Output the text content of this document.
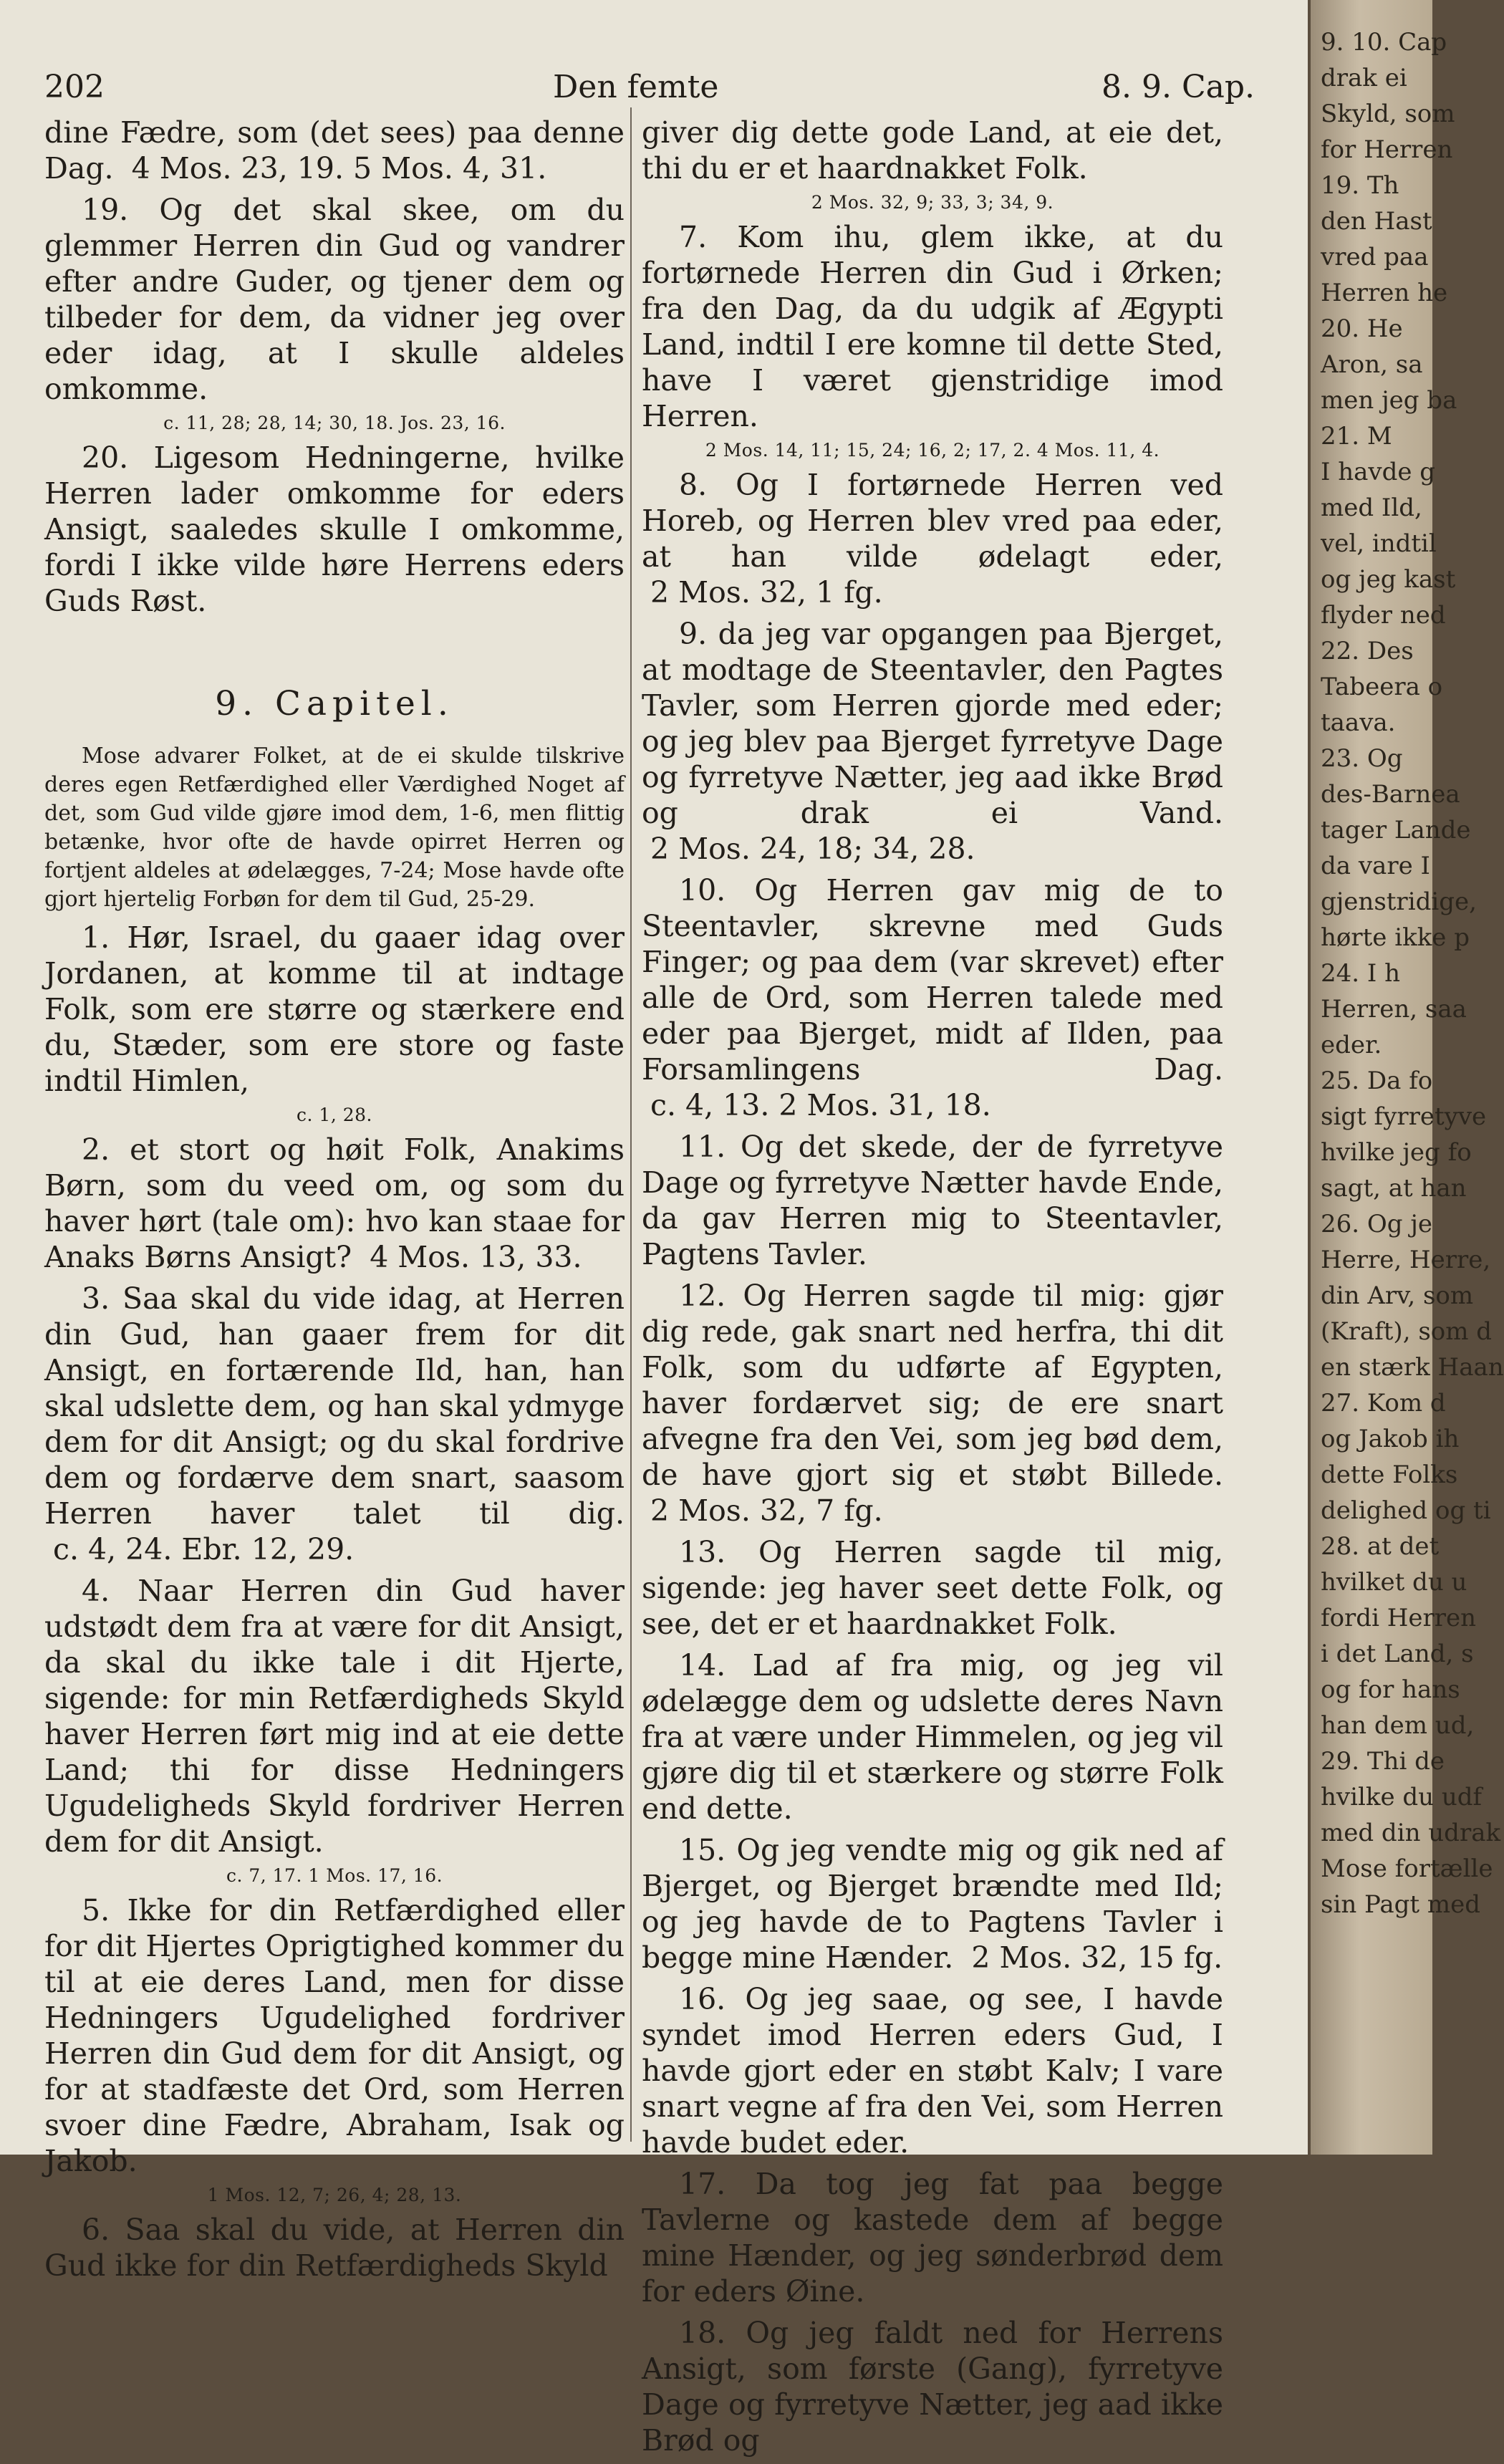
202	Den femte	8. 9. Cap.

dine Fædre, som (det sees) paa denne Dag. 4 Mos. 23, 19. 5 Mos. 4, 31.

19. Og det skal skee, om du glemmer Herren din Gud og vandrer efter andre Guder, og tjener dem og tilbeder for dem, da vidner jeg over eder idag, at I skulle aldeles omkomme.

c. 11, 28; 28, 14; 30, 18. Jos. 23, 16.

20. Ligesom Hedningerne, hvilke Herren lader omkomme for eders Ansigt, saaledes skulle I omkomme, fordi I ikke vilde høre Herrens eders Guds Røst.

9. Capitel.

Mose advarer Folket, at de ei skulde tilskrive deres egen Retfærdighed eller Værdighed Noget af det, som Gud vilde gjøre imod dem, 1-6, men flittig betænke, hvor ofte de havde opirret Herren og fortjent aldeles at ødelægges, 7-24; Mose havde ofte gjort hjertelig Forbøn for dem til Gud, 25-29.

1. Hør, Israel, du gaaer idag over Jordanen, at komme til at indtage Folk, som ere større og stærkere end du, Stæder, som ere store og faste indtil Himlen,

c. 1, 28.

2. et stort og høit Folk, Anakims Børn, som du veed om, og som du haver hørt (tale om): hvo kan staae for Anaks Børns Ansigt? 4 Mos. 13, 33.

3. Saa skal du vide idag, at Herren din Gud, han gaaer frem for dit Ansigt, en fortærende Ild, han, han skal udslette dem, og han skal ydmyge dem for dit Ansigt; og du skal fordrive dem og fordærve dem snart, saasom Herren haver talet til dig. c. 4, 24. Ebr. 12, 29.

4. Naar Herren din Gud haver udstødt dem fra at være for dit Ansigt, da skal du ikke tale i dit Hjerte, sigende: for min Retfærdigheds Skyld haver Herren ført mig ind at eie dette Land; thi for disse Hedningers Ugudeligheds Skyld fordriver Herren dem for dit Ansigt.

c. 7, 17. 1 Mos. 17, 16.

5. Ikke for din Retfærdighed eller for dit Hjertes Oprigtighed kommer du til at eie deres Land, men for disse Hedningers Ugudelighed fordriver Herren din Gud dem for dit Ansigt, og for at stadfæste det Ord, som Herren svoer dine Fædre, Abraham, Isak og Jakob.

1 Mos. 12, 7; 26, 4; 28, 13.

6. Saa skal du vide, at Herren din Gud ikke for din Retfærdigheds Skyld

giver dig dette gode Land, at eie det, thi du er et haardnakket Folk.

2 Mos. 32, 9; 33, 3; 34, 9.

7. Kom ihu, glem ikke, at du fortørnede Herren din Gud i Ørken; fra den Dag, da du udgik af Ægypti Land, indtil I ere komne til dette Sted, have I været gjenstridige imod Herren.

2 Mos. 14, 11; 15, 24; 16, 2; 17, 2. 4 Mos. 11, 4.

8. Og I fortørnede Herren ved Horeb, og Herren blev vred paa eder, at han vilde ødelagt eder, 2 Mos. 32, 1 fg.

9. da jeg var opgangen paa Bjerget, at modtage de Steentavler, den Pagtes Tavler, som Herren gjorde med eder; og jeg blev paa Bjerget fyrretyve Dage og fyrretyve Nætter, jeg aad ikke Brød og drak ei Vand. 2 Mos. 24, 18; 34, 28.

10. Og Herren gav mig de to Steentavler, skrevne med Guds Finger; og paa dem (var skrevet) efter alle de Ord, som Herren talede med eder paa Bjerget, midt af Ilden, paa Forsamlingens Dag. c. 4, 13. 2 Mos. 31, 18.

11. Og det skede, der de fyrretyve Dage og fyrretyve Nætter havde Ende, da gav Herren mig to Steentavler, Pagtens Tavler.

12. Og Herren sagde til mig: gjør dig rede, gak snart ned herfra, thi dit Folk, som du udførte af Egypten, haver fordærvet sig; de ere snart afvegne fra den Vei, som jeg bød dem, de have gjort sig et støbt Billede. 2 Mos. 32, 7 fg.

13. Og Herren sagde til mig, sigende: jeg haver seet dette Folk, og see, det er et haardnakket Folk.

14. Lad af fra mig, og jeg vil ødelægge dem og udslette deres Navn fra at være under Himmelen, og jeg vil gjøre dig til et stærkere og større Folk end dette.

15. Og jeg vendte mig og gik ned af Bjerget, og Bjerget brændte med Ild; og jeg havde de to Pagtens Tavler i begge mine Hænder. 2 Mos. 32, 15 fg.

16. Og jeg saae, og see, I havde syndet imod Herren eders Gud, I havde gjort eder en støbt Kalv; I vare snart vegne af fra den Vei, som Herren havde budet eder.

17. Da tog jeg fat paa begge Tavlerne og kastede dem af begge mine Hænder, og jeg sønderbrød dem for eders Øine.

18. Og jeg faldt ned for Herrens Ansigt, som første (Gang), fyrretyve Dage og fyrretyve Nætter, jeg aad ikke Brød og

9. 10. Cap
drak ei
Skyld, som
for Herren
19. Th
den Hast
vred paa
Herren he
20. He
Aron, sa
men jeg ba
21. M
I havde g
med Ild,
vel, indtil
og jeg kast
flyder ned
22. Des
Tabeera o
taava.
23. Og
des-Barnea
tager Lande
da vare I
gjenstridige,
hørte ikke p
24. I h
Herren, saa
eder.
25. Da fo
sigt fyrretyve
hvilke jeg fo
sagt, at han
26. Og je
Herre, Herre,
din Arv, som
(Kraft), som d
en stærk Haan
27. Kom d
og Jakob ih
dette Folks
delighed og ti
28. at det
hvilket du u
fordi Herren
i det Land, s
og for hans
han dem ud,
29. Thi de
hvilke du udf
med din udrak
Mose fortælle
sin Pagt med
